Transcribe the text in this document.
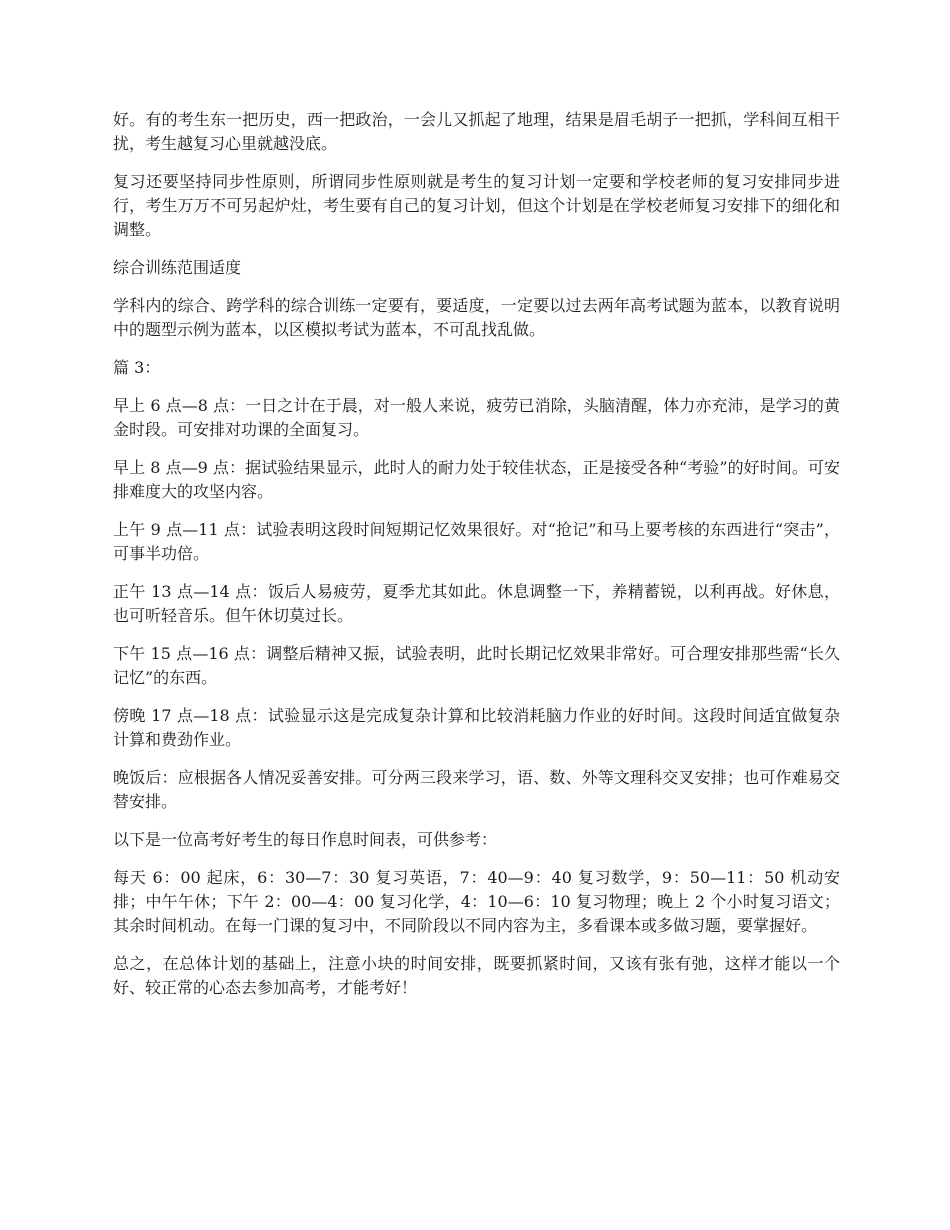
好。有的考生东一把历史，西一把政治，一会儿又抓起了地理，结果是眉毛胡子一把抓，学科间互相干扰，考生越复习心里就越没底。

复习还要坚持同步性原则，所谓同步性原则就是考生的复习计划一定要和学校老师的复习安排同步进行，考生万万不可另起炉灶，考生要有自己的复习计划，但这个计划是在学校老师复习安排下的细化和调整。

综合训练范围适度

学科内的综合、跨学科的综合训练一定要有，要适度，一定要以过去两年高考试题为蓝本，以教育说明中的题型示例为蓝本，以区模拟考试为蓝本，不可乱找乱做。

篇 3：

早上 6 点—8 点：一日之计在于晨，对一般人来说，疲劳已消除，头脑清醒，体力亦充沛，是学习的黄金时段。可安排对功课的全面复习。

早上 8 点—9 点：据试验结果显示，此时人的耐力处于较佳状态，正是接受各种“考验”的好时间。可安排难度大的攻坚内容。

上午 9 点—11 点：试验表明这段时间短期记忆效果很好。对“抢记”和马上要考核的东西进行“突击”，可事半功倍。

正午 13 点—14 点：饭后人易疲劳，夏季尤其如此。休息调整一下，养精蓄锐，以利再战。好休息，也可听轻音乐。但午休切莫过长。

下午 15 点—16 点：调整后精神又振，试验表明，此时长期记忆效果非常好。可合理安排那些需“长久记忆”的东西。

傍晚 17 点—18 点：试验显示这是完成复杂计算和比较消耗脑力作业的好时间。这段时间适宜做复杂计算和费劲作业。

晚饭后：应根据各人情况妥善安排。可分两三段来学习，语、数、外等文理科交叉安排；也可作难易交替安排。

以下是一位高考好考生的每日作息时间表，可供参考：

每天 6：00 起床，6：30—7：30 复习英语，7：40—9：40 复习数学，9：50—11：50 机动安排；中午午休；下午 2：00—4：00 复习化学，4：10—6：10 复习物理；晚上 2 个小时复习语文；其余时间机动。在每一门课的复习中，不同阶段以不同内容为主，多看课本或多做习题，要掌握好。

总之，在总体计划的基础上，注意小块的时间安排，既要抓紧时间，又该有张有弛，这样才能以一个好、较正常的心态去参加高考，才能考好！
